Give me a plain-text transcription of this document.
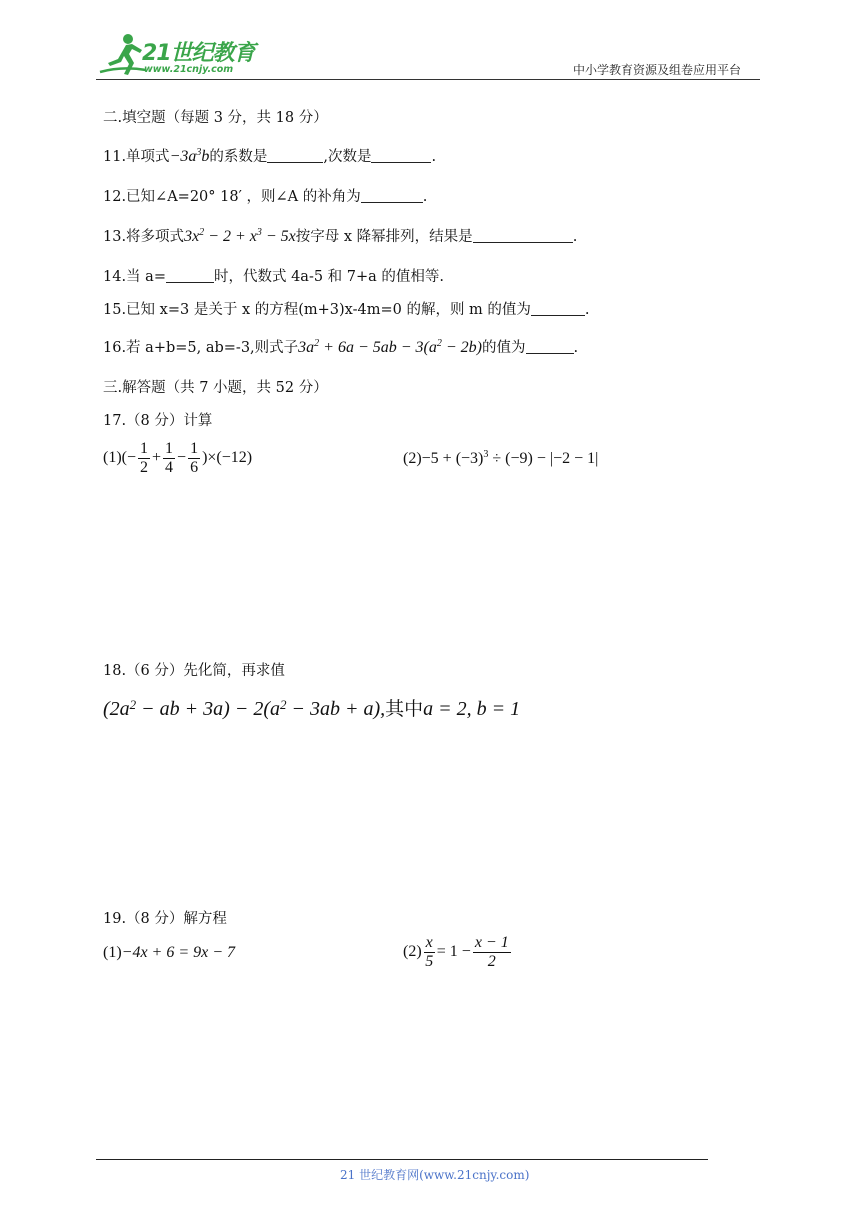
21世纪教育
www.21cnjy.com	中小学教育资源及组卷应用平台
二.填空题（每题 3 分，共 18 分）
11.单项式$-3a^3b$的系数是	,次数是	.
12.已知∠A=20° 18′ ，则∠A 的补角为	.
13.将多项式$3x^2 - 2 + x^3 - 5x$按字母 x 降幂排列，结果是	.
14.当 a=	时，代数式 4a-5 和 7+a 的值相等.
15.已知 x=3 是关于 x 的方程(m+3)x-4m=0 的解，则 m 的值为	.
16.若 a+b=5, ab=-3,则式子$3a^2 + 6a - 5ab - 3(a^2 - 2b)$的值为	.
三.解答题（共 7 小题，共 52 分）
17.（8 分）计算
$(1)(- \frac{1}{2} + \frac{1}{4} - \frac{1}{6} )\times(-12)$	$(2)-5 + (-3)^3 \div (-9) - |-2 - 1|$
18.（6 分）先化简，再求值
($2a^2$ − ab + $3a) - 2(a^2 - 3ab + a)$,其中a = 2, b = 1
19.（8 分）解方程
(1)−4x + 6 = 9x − 7	$(2) \frac{x}{5} = 1 - \frac{x - 1}{2}$
21 世纪教育网(www.21cnjy.com)
